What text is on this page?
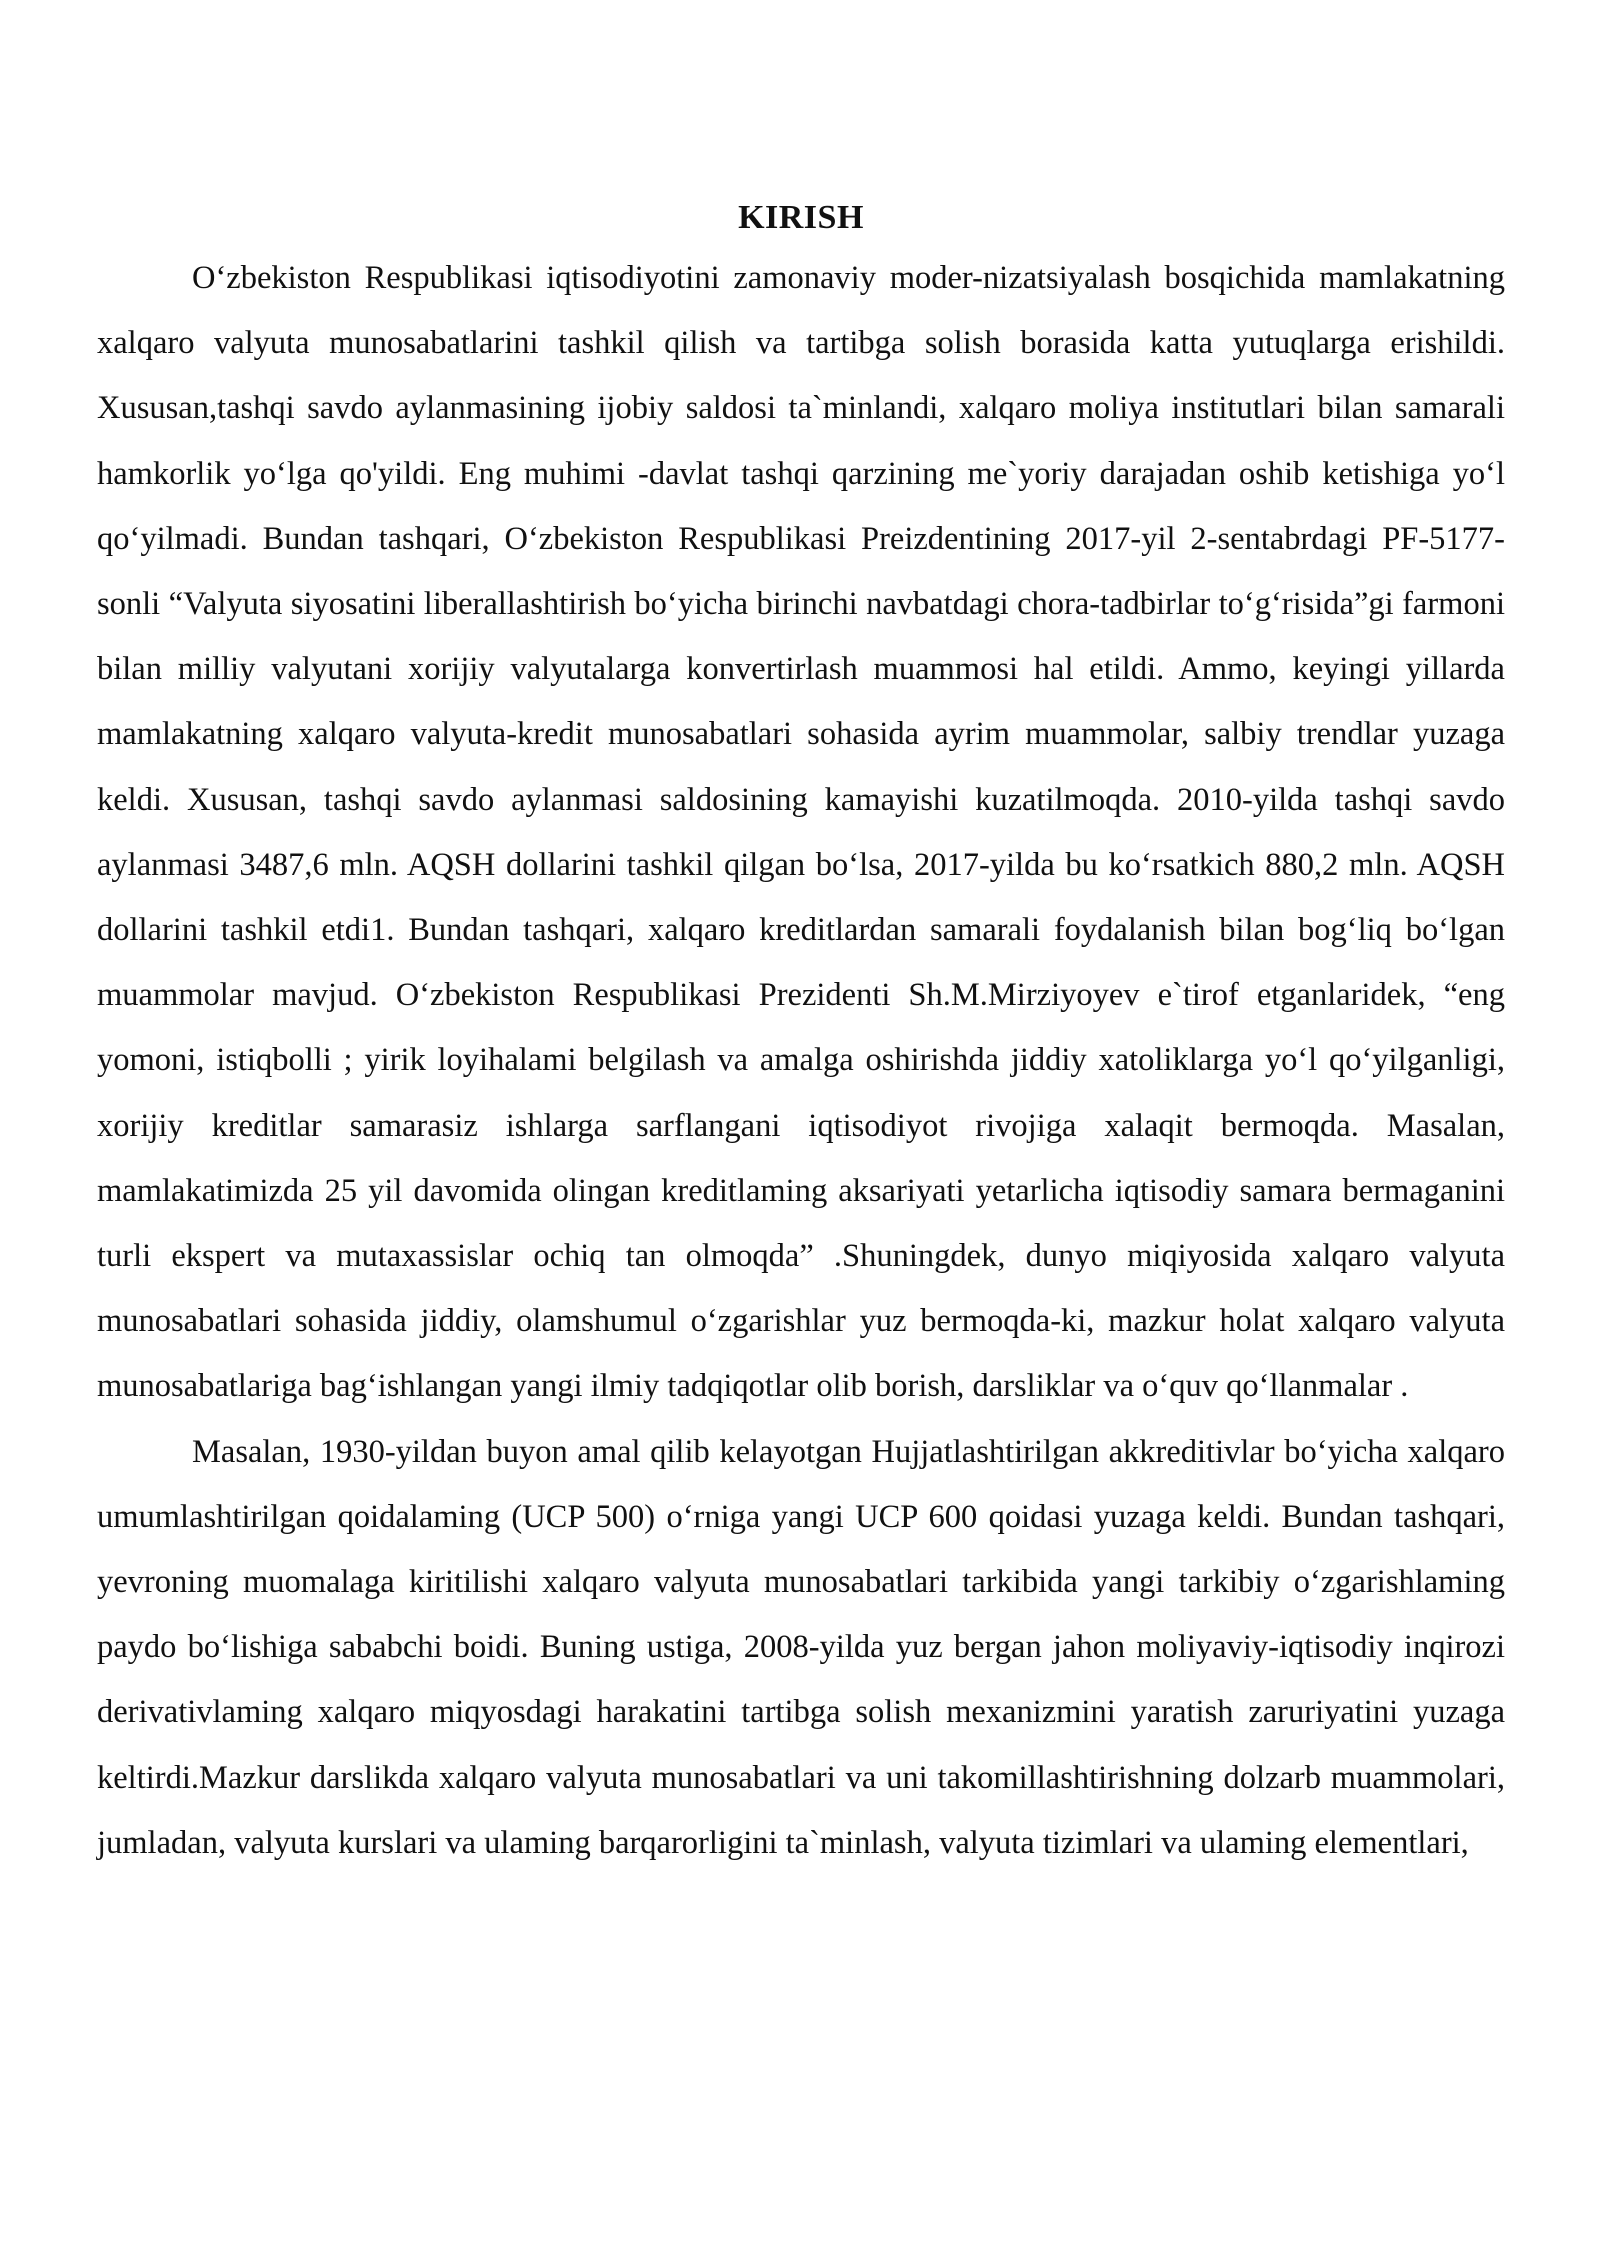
KIRISH

O‘zbekiston Respublikasi iqtisodiyotini zamonaviy moder-nizatsiyalash bosqichida mamlakatning xalqaro valyuta munosabatlarini tashkil qilish va tartibga solish borasida katta yutuqlarga erishildi. Xususan,tashqi savdo aylanmasining ijobiy saldosi ta`minlandi, xalqaro moliya institutlari bilan samarali hamkorlik yo‘lga qo'yildi. Eng muhimi -davlat tashqi qarzining me`yoriy darajadan oshib ketishiga yo‘l qo‘yilmadi. Bundan tashqari, O‘zbekiston Respublikasi Preizdentining 2017-yil 2-sentabrdagi PF-5177-sonli “Valyuta siyosatini liberallashtirish bo‘yicha birinchi navbatdagi chora-tadbirlar to‘g‘risida”gi farmoni bilan milliy valyutani xorijiy valyutalarga konvertirlash muammosi hal etildi. Ammo, keyingi yillarda mamlakatning xalqaro valyuta-kredit munosabatlari sohasida ayrim muammolar, salbiy trendlar yuzaga keldi. Xususan, tashqi savdo aylanmasi saldosining kamayishi kuzatilmoqda. 2010-yilda tashqi savdo aylanmasi 3487,6 mln. AQSH dollarini tashkil qilgan bo‘lsa, 2017-yilda bu ko‘rsatkich 880,2 mln. AQSH dollarini tashkil etdi1. Bundan tashqari, xalqaro kreditlardan samarali foydalanish bilan bog‘liq bo‘lgan muammolar mavjud. O‘zbekiston Respublikasi Prezidenti Sh.M.Mirziyoyev e`tirof etganlaridek, “eng yomoni, istiqbolli ; yirik loyihalami belgilash va amalga oshirishda jiddiy xatoliklarga yo‘l qo‘yilganligi, xorijiy kreditlar samarasiz ishlarga sarflangani iqtisodiyot rivojiga xalaqit bermoqda. Masalan, mamlakatimizda 25 yil davomida olingan kreditlaming aksariyati yetarlicha iqtisodiy samara bermaganini turli ekspert va mutaxassislar ochiq tan olmoqda” .Shuningdek, dunyo miqiyosida xalqaro valyuta munosabatlari sohasida jiddiy, olamshumul o‘zgarishlar yuz bermoqda-ki, mazkur holat xalqaro valyuta munosabatlariga bag‘ishlangan yangi ilmiy tadqiqotlar olib borish, darsliklar va o‘quv qo‘llanmalar .

Masalan, 1930-yildan buyon amal qilib kelayotgan Hujjatlashtirilgan akkreditivlar bo‘yicha xalqaro umumlashtirilgan qoidalaming (UCP 500) o‘rniga yangi UCP 600 qoidasi yuzaga keldi. Bundan tashqari, yevroning muomalaga kiritilishi xalqaro valyuta munosabatlari tarkibida yangi tarkibiy o‘zgarishlaming paydo bo‘lishiga sababchi boidi. Buning ustiga, 2008-yilda yuz bergan jahon moliyaviy-iqtisodiy inqirozi derivativlaming xalqaro miqyosdagi harakatini tartibga solish mexanizmini yaratish zaruriyatini yuzaga keltirdi.Mazkur darslikda xalqaro valyuta munosabatlari va uni takomillashtirishning dolzarb muammolari, jumladan, valyuta kurslari va ulaming barqarorligini ta`minlash, valyuta tizimlari va ulaming elementlari,
